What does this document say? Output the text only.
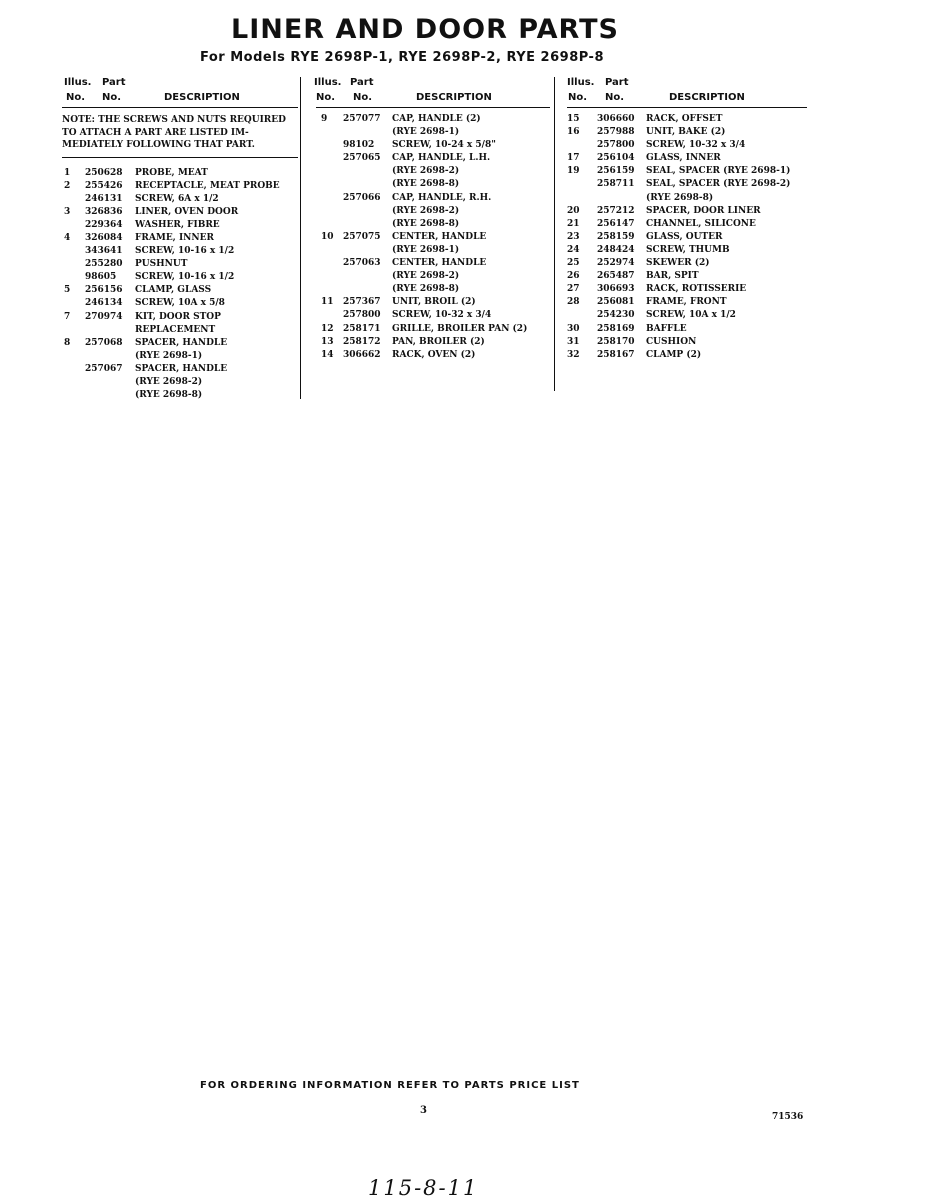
LINER AND DOOR PARTS
For Models RYE 2698P-1, RYE 2698P-2, RYE 2698P-8
Illus. Part
No. No.	DESCRIPTION
NOTE: THE SCREWS AND NUTS REQUIRED TO ATTACH A PART ARE LISTED IM-MEDIATELY FOLLOWING THAT PART.
1 250628 PROBE, MEAT
2 255426 RECEPTACLE, MEAT PROBE
246131 SCREW, 6A x 1/2
3 326836 LINER, OVEN DOOR
229364 WASHER, FIBRE
4 326084 FRAME, INNER
343641 SCREW, 10-16 x 1/2
255280 PUSHNUT
98605 SCREW, 10-16 x 1/2
5 256156 CLAMP, GLASS
246134 SCREW, 10A x 5/8
7 270974 KIT, DOOR STOP
REPLACEMENT
8 257068 SPACER, HANDLE
(RYE 2698-1)
257067 SPACER, HANDLE
(RYE 2698-2)
(RYE 2698-8)
Illus. Part
No. No.	DESCRIPTION
9 257077 CAP, HANDLE (2)
(RYE 2698-1)
98102 SCREW, 10-24 x 5/8"
257065 CAP, HANDLE, L.H.
(RYE 2698-2)
(RYE 2698-8)
257066 CAP, HANDLE, R.H.
(RYE 2698-2)
(RYE 2698-8)
10 257075 CENTER, HANDLE
(RYE 2698-1)
257063 CENTER, HANDLE
(RYE 2698-2)
(RYE 2698-8)
11 257367 UNIT, BROIL (2)
257800 SCREW, 10-32 x 3/4
12 258171 GRILLE, BROILER PAN (2)
13 258172 PAN, BROILER (2)
14 306662 RACK, OVEN (2)
Illus. Part
No. No.	DESCRIPTION
15 306660 RACK, OFFSET
16 257988 UNIT, BAKE (2)
257800 SCREW, 10-32 x 3/4
17 256104 GLASS, INNER
19 256159 SEAL, SPACER (RYE 2698-1)
258711 SEAL, SPACER (RYE 2698-2)
(RYE 2698-8)
20 257212 SPACER, DOOR LINER
21 256147 CHANNEL, SILICONE
23 258159 GLASS, OUTER
24 248424 SCREW, THUMB
25 252974 SKEWER (2)
26 265487 BAR, SPIT
27 306693 RACK, ROTISSERIE
28 256081 FRAME, FRONT
254230 SCREW, 10A x 1/2
30 258169 BAFFLE
31 258170 CUSHION
32 258167 CLAMP (2)
FOR ORDERING INFORMATION REFER TO PARTS PRICE LIST
3
71536
115-8-11
